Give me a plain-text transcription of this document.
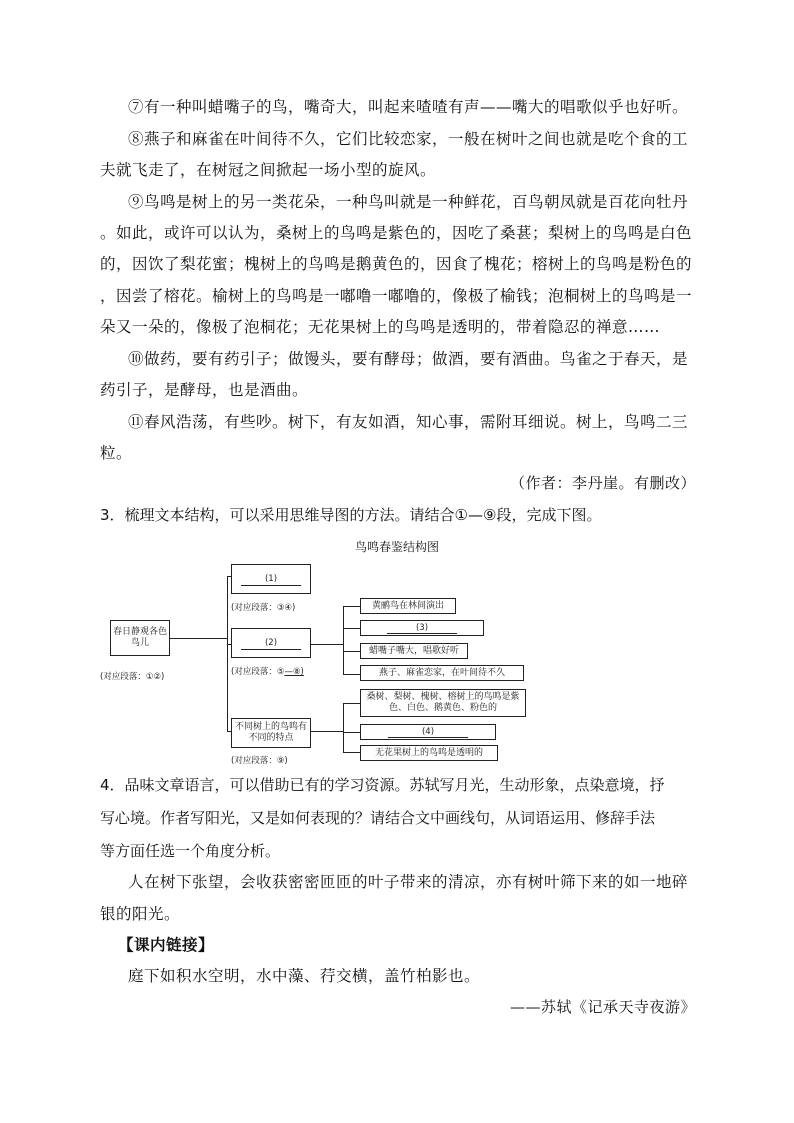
⑦有一种叫蜡嘴子的鸟，嘴奇大，叫起来喳喳有声——嘴大的唱歌似乎也好听。
⑧燕子和麻雀在叶间待不久，它们比较恋家，一般在树叶之间也就是吃个食的工
夫就飞走了，在树冠之间掀起一场小型的旋风。
⑨鸟鸣是树上的另一类花朵，一种鸟叫就是一种鲜花，百鸟朝凤就是百花向牡丹
。如此，或许可以认为，桑树上的鸟鸣是紫色的，因吃了桑葚；梨树上的鸟鸣是白色
的，因饮了梨花蜜；槐树上的鸟鸣是鹅黄色的，因食了槐花；榕树上的鸟鸣是粉色的
，因尝了榕花。榆树上的鸟鸣是一嘟噜一嘟噜的，像极了榆钱；泡桐树上的鸟鸣是一
朵又一朵的，像极了泡桐花；无花果树上的鸟鸣是透明的，带着隐忍的禅意……
⑩做药，要有药引子；做馒头，要有酵母；做酒，要有酒曲。鸟雀之于春天，是
药引子，是酵母，也是酒曲。
⑪春风浩荡，有些吵。树下，有友如酒，知心事，需附耳细说。树上，鸟鸣二三
粒。
（作者：李丹崖。有删改）
3．梳理文本结构，可以采用思维导图的方法。请结合①—⑨段，完成下图。
鸟鸣春鉴结构图
春日静观各色鸟儿
(对应段落：①②)
(1)
(对应段落：③④)
(2)
(对应段落：⑤—⑧)
黄鹂鸟在林间演出
(3)
蜡嘴子嘴大，唱歌好听
燕子、麻雀恋家，在叶间待不久
不同树上的鸟鸣有不同的特点
(对应段落：⑨)
桑树、梨树、槐树、榕树上的鸟鸣是紫色、白色、鹅黄色、粉色的
(4)
无花果树上的鸟鸣是透明的
4．品味文章语言，可以借助已有的学习资源。苏轼写月光，生动形象，点染意境，抒
写心境。作者写阳光，又是如何表现的？请结合文中画线句，从词语运用、修辞手法
等方面任选一个角度分析。
人在树下张望，会收获密密匝匝的叶子带来的清凉，亦有树叶筛下来的如一地碎
银的阳光。
【课内链接】
庭下如积水空明，水中藻、荇交横，盖竹柏影也。
——苏轼《记承天寺夜游》
